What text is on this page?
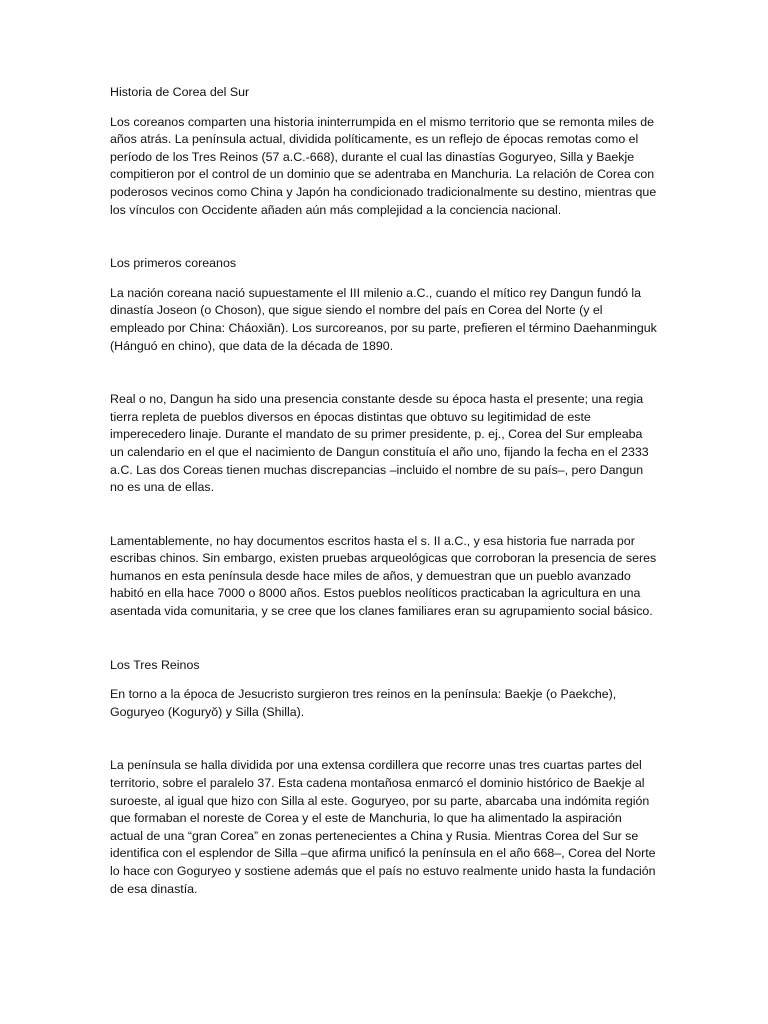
Historia de Corea del Sur

Los coreanos comparten una historia ininterrumpida en el mismo territorio que se remonta miles de años atrás. La península actual, dividida políticamente, es un reflejo de épocas remotas como el período de los Tres Reinos (57 a.C.-668), durante el cual las dinastías Goguryeo, Silla y Baekje compitieron por el control de un dominio que se adentraba en Manchuria. La relación de Corea con poderosos vecinos como China y Japón ha condicionado tradicionalmente su destino, mientras que los vínculos con Occidente añaden aún más complejidad a la conciencia nacional.

Los primeros coreanos

La nación coreana nació supuestamente el III milenio a.C., cuando el mítico rey Dangun fundó la dinastía Joseon (o Choson), que sigue siendo el nombre del país en Corea del Norte (y el empleado por China: Cháoxiān). Los surcoreanos, por su parte, prefieren el término Daehanminguk (Hánguó en chino), que data de la década de 1890.

Real o no, Dangun ha sido una presencia constante desde su época hasta el presente; una regia tierra repleta de pueblos diversos en épocas distintas que obtuvo su legitimidad de este imperecedero linaje. Durante el mandato de su primer presidente, p. ej., Corea del Sur empleaba un calendario en el que el nacimiento de Dangun constituía el año uno, fijando la fecha en el 2333 a.C. Las dos Coreas tienen muchas discrepancias –incluido el nombre de su país–, pero Dangun no es una de ellas.

Lamentablemente, no hay documentos escritos hasta el s. II a.C., y esa historia fue narrada por escribas chinos. Sin embargo, existen pruebas arqueológicas que corroboran la presencia de seres humanos en esta península desde hace miles de años, y demuestran que un pueblo avanzado habitó en ella hace 7000 o 8000 años. Estos pueblos neolíticos practicaban la agricultura en una asentada vida comunitaria, y se cree que los clanes familiares eran su agrupamiento social básico.

Los Tres Reinos

En torno a la época de Jesucristo surgieron tres reinos en la península: Baekje (o Paekche), Goguryeo (Koguryŏ) y Silla (Shilla).

La península se halla dividida por una extensa cordillera que recorre unas tres cuartas partes del territorio, sobre el paralelo 37. Esta cadena montañosa enmarcó el dominio histórico de Baekje al suroeste, al igual que hizo con Silla al este. Goguryeo, por su parte, abarcaba una indómita región que formaban el noreste de Corea y el este de Manchuria, lo que ha alimentado la aspiración actual de una “gran Corea” en zonas pertenecientes a China y Rusia. Mientras Corea del Sur se identifica con el esplendor de Silla –que afirma unificó la península en el año 668–, Corea del Norte lo hace con Goguryeo y sostiene además que el país no estuvo realmente unido hasta la fundación de esa dinastía.
